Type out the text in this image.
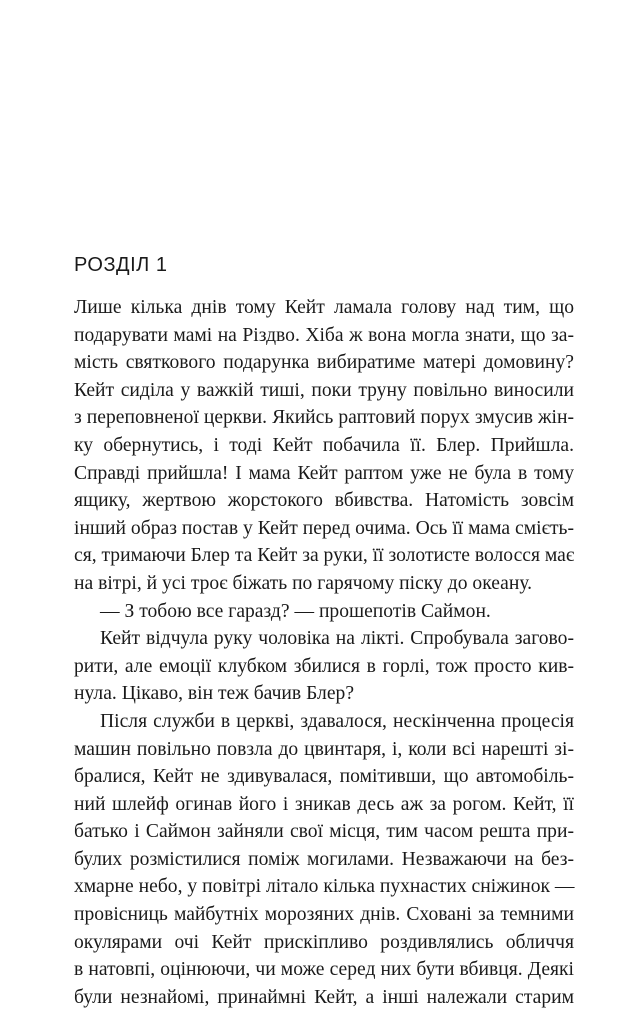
РОЗДІЛ 1
Лише кілька днів тому Кейт ламала голову над тим, що
подарувати мамі на Різдво. Хіба ж вона могла знати, що за-
мість святкового подарунка вибиратиме матері домовину?
Кейт сиділа у важкій тиші, поки труну повільно виносили
з переповненої церкви. Якийсь раптовий порух змусив жін-
ку обернутись, і тоді Кейт побачила її. Блер. Прийшла.
Справді прийшла! І мама Кейт раптом уже не була в тому
ящику, жертвою жорстокого вбивства. Натомість зовсім
інший образ постав у Кейт перед очима. Ось її мама смієть-
ся, тримаючи Блер та Кейт за руки, її золотисте волосся має
на вітрі, й усі троє біжать по гарячому піску до океану.
— З тобою все гаразд? — прошепотів Саймон.
Кейт відчула руку чоловіка на лікті. Спробувала загово-
рити, але емоції клубком збилися в горлі, тож просто кив-
нула. Цікаво, він теж бачив Блер?
Після служби в церкві, здавалося, нескінченна процесія
машин повільно повзла до цвинтаря, і, коли всі нарешті зі-
бралися, Кейт не здивувалася, помітивши, що автомобіль-
ний шлейф огинав його і зникав десь аж за рогом. Кейт, її
батько і Саймон зайняли свої місця, тим часом решта при-
булих розмістилися поміж могилами. Незважаючи на без-
хмарне небо, у повітрі літало кілька пухнастих сніжинок —
провісниць майбутніх морозяних днів. Сховані за темними
окулярами очі Кейт прискіпливо роздивлялись обличчя
в натовпі, оцінюючи, чи може серед них бути вбивця. Деякі
були незнайомі, принаймні Кейт, а інші належали старим
